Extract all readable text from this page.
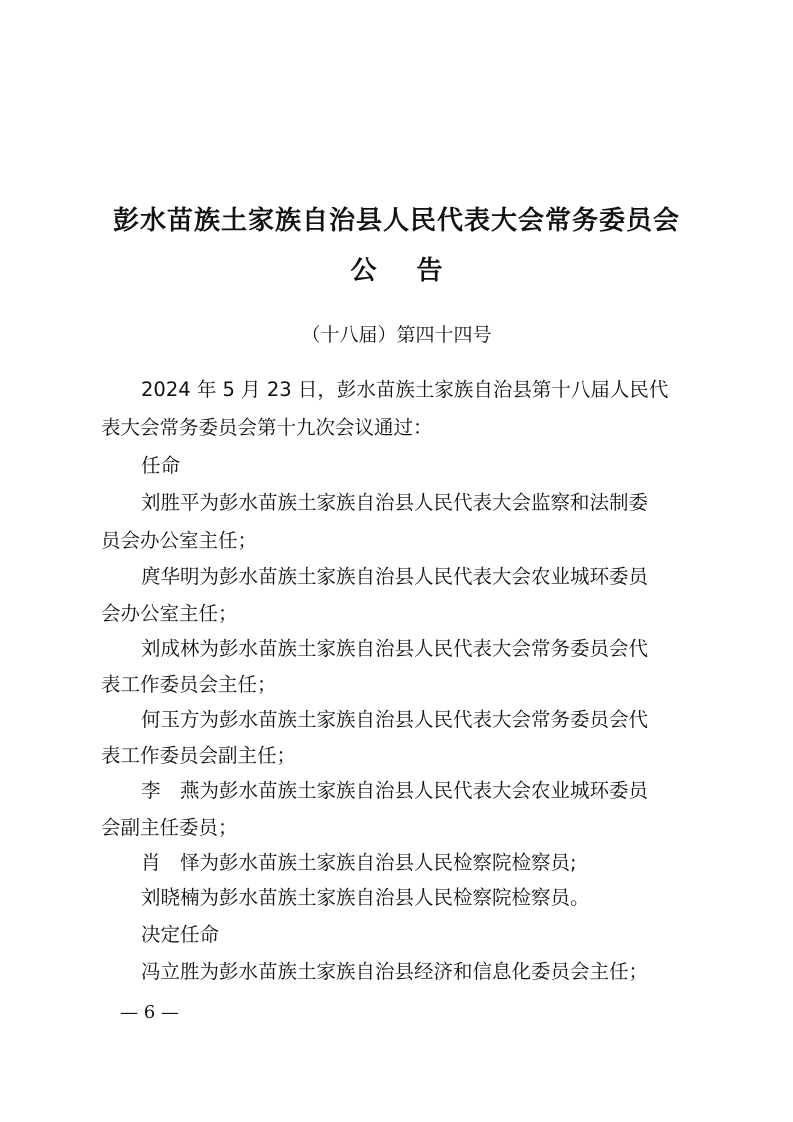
彭水苗族土家族自治县人民代表大会常务委员会
公告
（十八届）第四十四号
2024 年 5 月 23 日，彭水苗族土家族自治县第十八届人民代
表大会常务委员会第十九次会议通过：
任命
刘胜平为彭水苗族土家族自治县人民代表大会监察和法制委
员会办公室主任；
庹华明为彭水苗族土家族自治县人民代表大会农业城环委员
会办公室主任；
刘成林为彭水苗族土家族自治县人民代表大会常务委员会代
表工作委员会主任；
何玉方为彭水苗族土家族自治县人民代表大会常务委员会代
表工作委员会副主任；
李　燕为彭水苗族土家族自治县人民代表大会农业城环委员
会副主任委员；
肖　怿为彭水苗族土家族自治县人民检察院检察员;
刘晓楠为彭水苗族土家族自治县人民检察院检察员。
决定任命
冯立胜为彭水苗族土家族自治县经济和信息化委员会主任；
— 6 —
